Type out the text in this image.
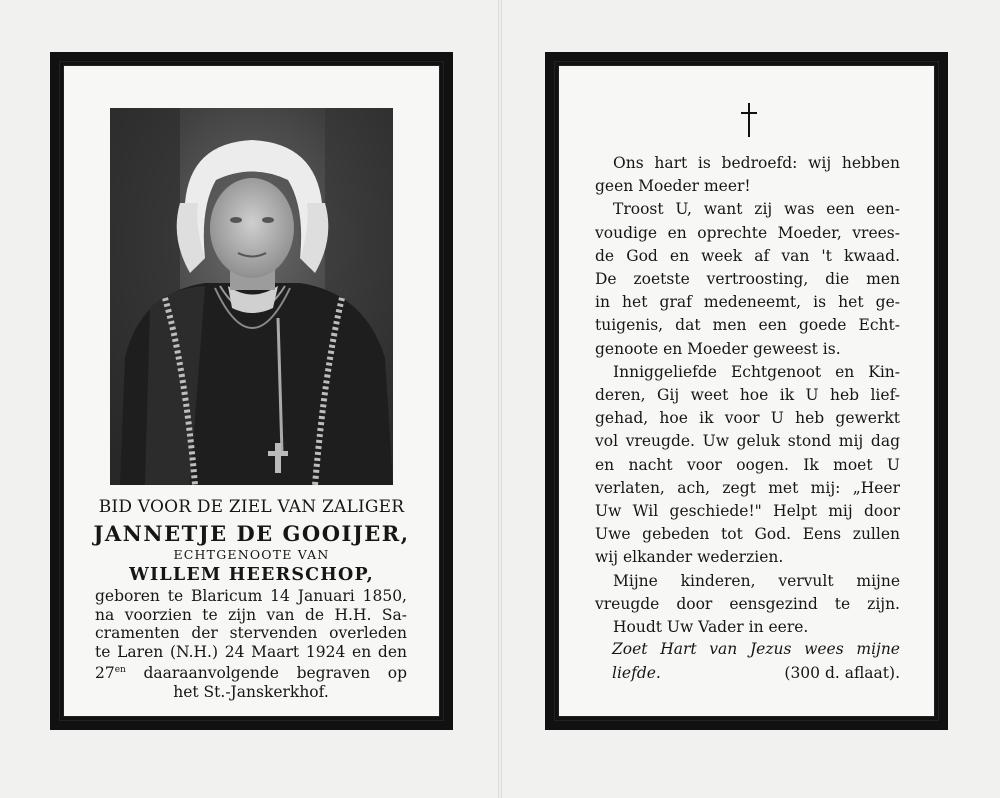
BID VOOR DE ZIEL VAN ZALIGER
JANNETJE DE GOOIJER,
ECHTGENOOTE VAN
WILLEM HEERSCHOP,
geboren te Blaricum 14 Januari 1850,
na voorzien te zijn van de H.H. Sa-
cramenten der stervenden overleden
te Laren (N.H.) 24 Maart 1924 en den
$27^{en}$ daaraanvolgende begraven op
het St.-Janskerkhof.
Ons hart is bedroefd: wij hebben
geen Moeder meer!
Troost U, want zij was een een-
voudige en oprechte Moeder, vrees-
de God en week af van 't kwaad.
De zoetste vertroosting, die men
in het graf medeneemt, is het ge-
tuigenis, dat men een goede Echt-
genoote en Moeder geweest is.
Inniggeliefde Echtgenoot en Kin-
deren, Gij weet hoe ik U heb lief-
gehad, hoe ik voor U heb gewerkt
vol vreugde. Uw geluk stond mij dag
en nacht voor oogen. Ik moet U
verlaten, ach, zegt met mij: „Heer
Uw Wil geschiede!" Helpt mij door
Uwe gebeden tot God. Eens zullen
wij elkander wederzien.
Mijne kinderen, vervult mijne
vreugde door eensgezind te zijn.
Houdt Uw Vader in eere.
Zoet Hart van Jezus wees mijne
liefde.	(300 d. aflaat).
